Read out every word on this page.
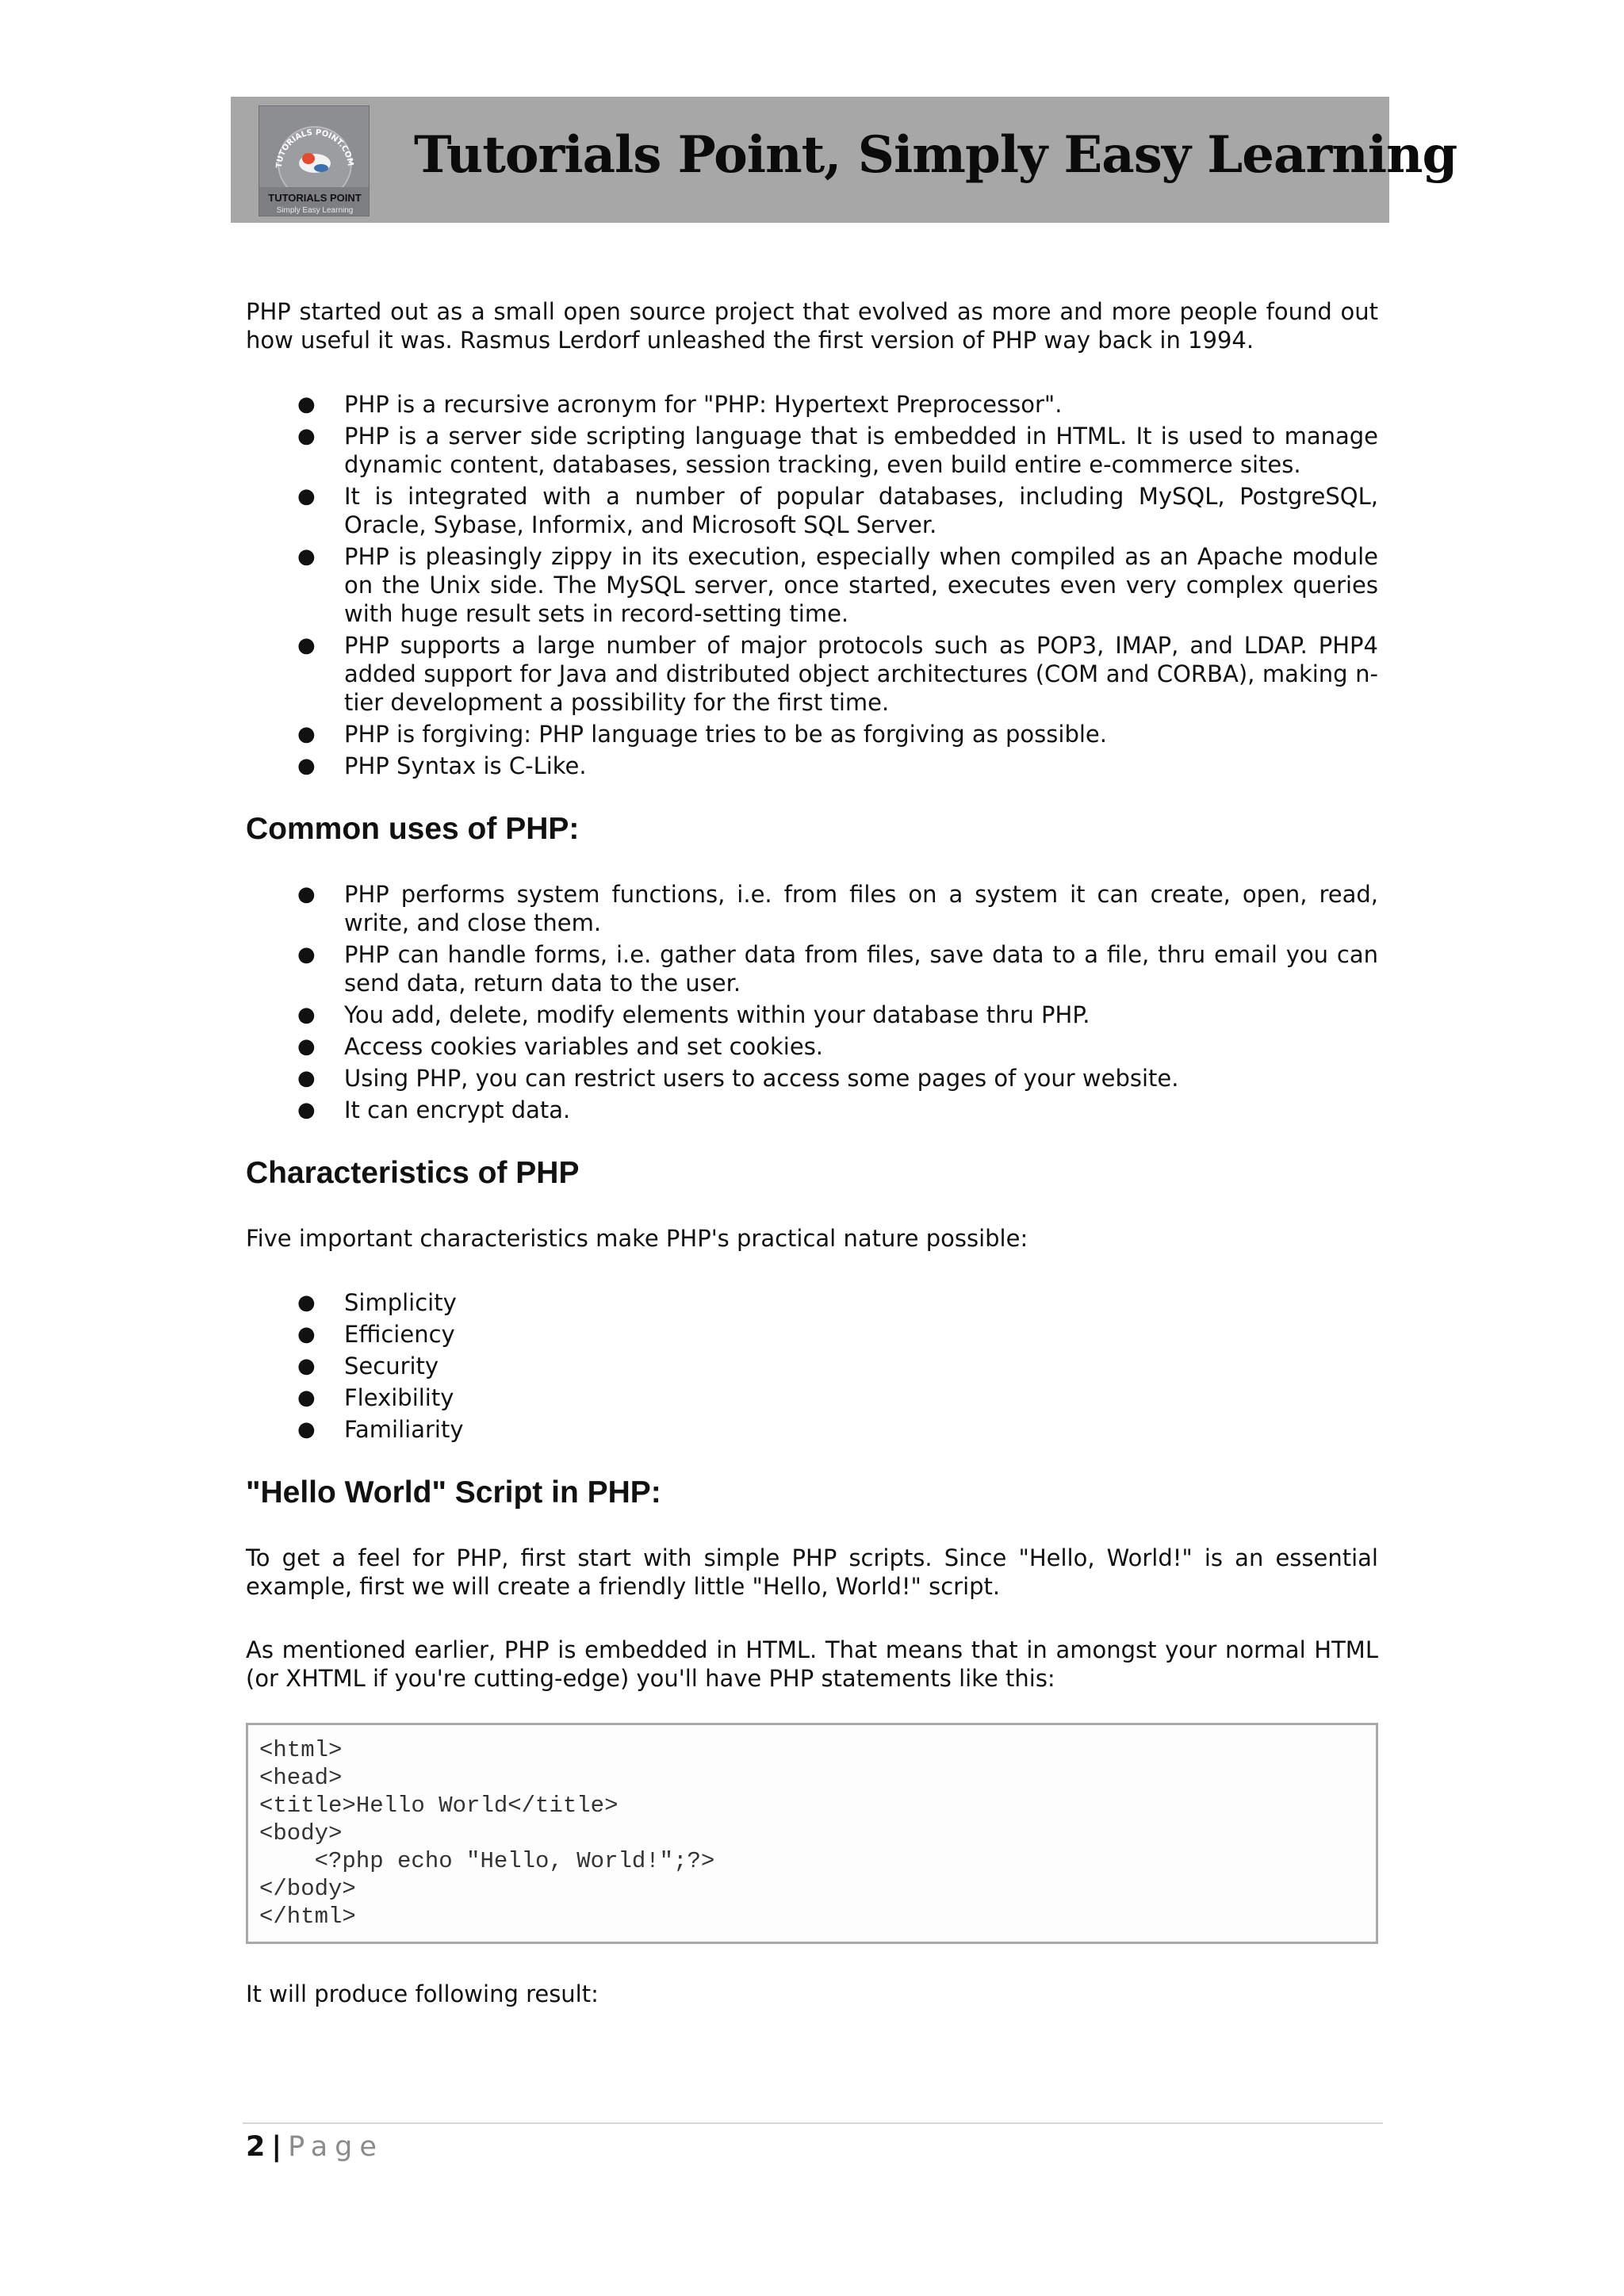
TUTORIALS POINT.COM
TUTORIALS POINT
Simply Easy Learning
Tutorials Point, Simply Easy Learning

PHP started out as a small open source project that evolved as more and more people found out how useful it was. Rasmus Lerdorf unleashed the first version of PHP way back in 1994.

● PHP is a recursive acronym for "PHP: Hypertext Preprocessor".
● PHP is a server side scripting language that is embedded in HTML. It is used to manage dynamic content, databases, session tracking, even build entire e-commerce sites.
● It is integrated with a number of popular databases, including MySQL, PostgreSQL, Oracle, Sybase, Informix, and Microsoft SQL Server.
● PHP is pleasingly zippy in its execution, especially when compiled as an Apache module on the Unix side. The MySQL server, once started, executes even very complex queries with huge result sets in record-setting time.
● PHP supports a large number of major protocols such as POP3, IMAP, and LDAP. PHP4 added support for Java and distributed object architectures (COM and CORBA), making n-tier development a possibility for the first time.
● PHP is forgiving: PHP language tries to be as forgiving as possible.
● PHP Syntax is C-Like.
Common uses of PHP:
● PHP performs system functions, i.e. from files on a system it can create, open, read, write, and close them.
● PHP can handle forms, i.e. gather data from files, save data to a file, thru email you can send data, return data to the user.
● You add, delete, modify elements within your database thru PHP.
● Access cookies variables and set cookies.
● Using PHP, you can restrict users to access some pages of your website.
● It can encrypt data.
Characteristics of PHP

Five important characteristics make PHP's practical nature possible:

● Simplicity
● Efficiency
● Security
● Flexibility
● Familiarity
"Hello World" Script in PHP:

To get a feel for PHP, first start with simple PHP scripts. Since "Hello, World!" is an essential example, first we will create a friendly little "Hello, World!" script.

As mentioned earlier, PHP is embedded in HTML. That means that in amongst your normal HTML (or XHTML if you're cutting-edge) you'll have PHP statements like this:

<html>
<head>
<title>Hello World</title>
<body>
<?php echo "Hello, World!";?>
</body>
</html>

It will produce following result:

2 | Page
